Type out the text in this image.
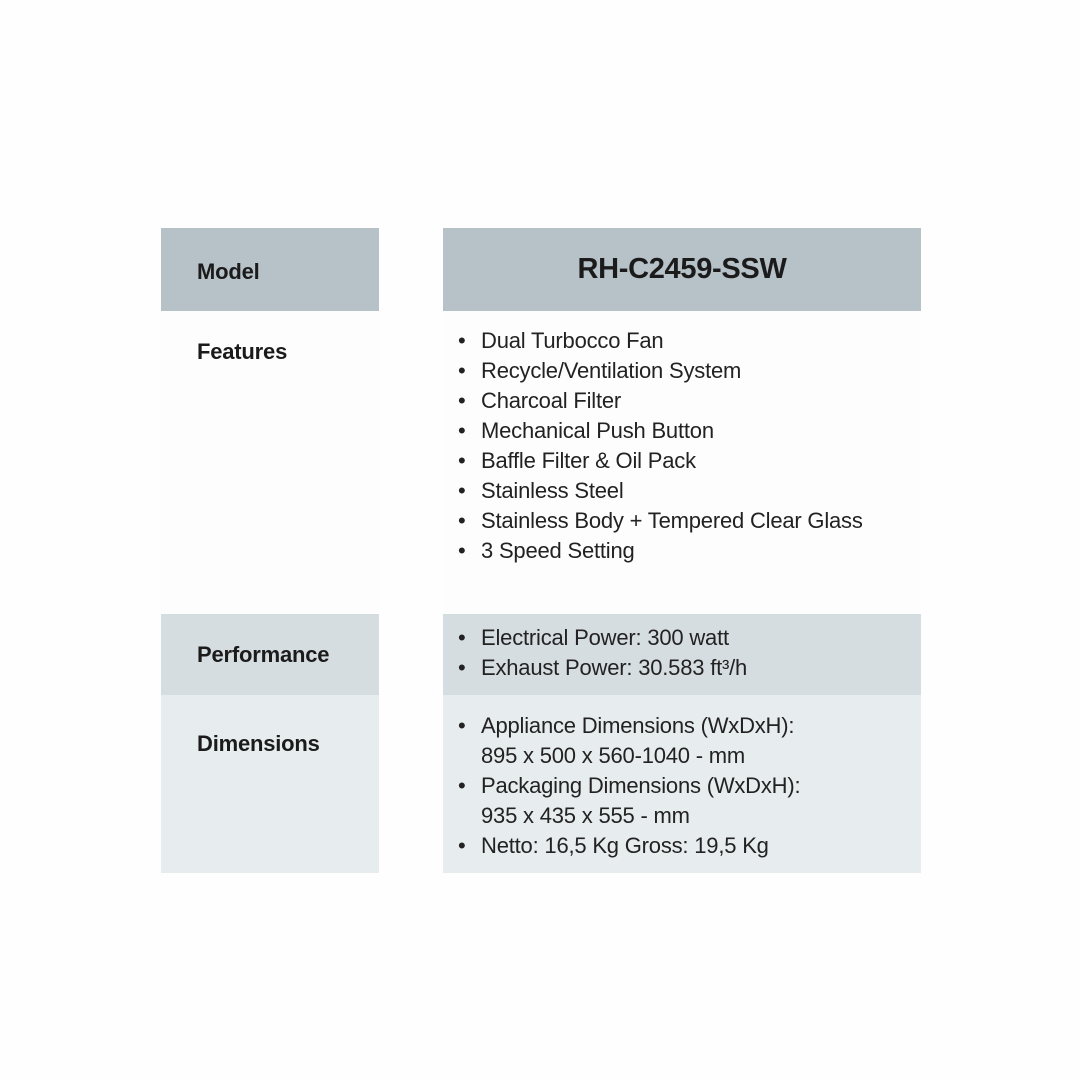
Model	RH-C2459-SSW
Features	• Dual Turbocco Fan
• Recycle/Ventilation System
• Charcoal Filter
• Mechanical Push Button
• Baffle Filter & Oil Pack
• Stainless Steel
• Stainless Body + Tempered Clear Glass
• 3 Speed Setting
Performance
• Electrical Power: 300 watt
• Exhaust Power: 30.583 ft³/h
Dimensions
• Appliance Dimensions (WxDxH):
895 x 500 x 560-1040 - mm
• Packaging Dimensions (WxDxH):
935 x 435 x 555 - mm
• Netto: 16,5 Kg Gross: 19,5 Kg
